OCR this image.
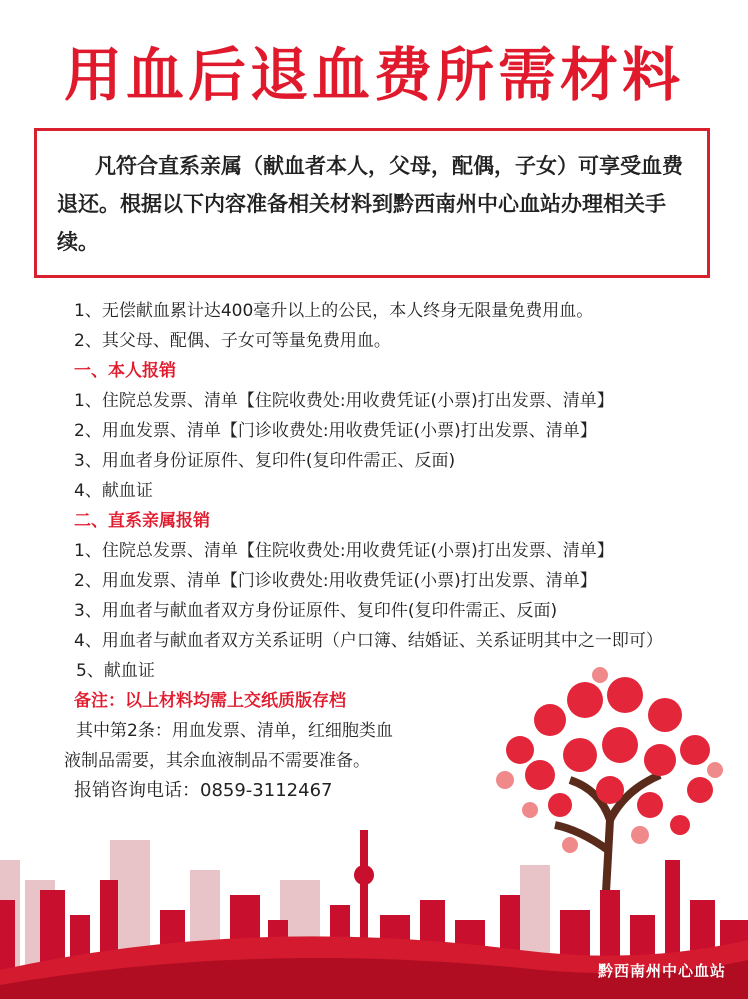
用血后退血费所需材料
凡符合直系亲属（献血者本人，父母，配偶，子女）可享受血费退还。根据以下内容准备相关材料到黔西南州中心血站办理相关手续。
1、无偿献血累计达400毫升以上的公民，本人终身无限量免费用血。
2、其父母、配偶、子女可等量免费用血。
一、本人报销
1、住院总发票、清单【住院收费处:用收费凭证(小票)打出发票、清单】
2、用血发票、清单【门诊收费处:用收费凭证(小票)打出发票、清单】
3、用血者身份证原件、复印件(复印件需正、反面)
4、献血证
二、直系亲属报销
1、住院总发票、清单【住院收费处:用收费凭证(小票)打出发票、清单】
2、用血发票、清单【门诊收费处:用收费凭证(小票)打出发票、清单】
3、用血者与献血者双方身份证原件、复印件(复印件需正、反面)
4、用血者与献血者双方关系证明（户口簿、结婚证、关系证明其中之一即可）
5、献血证
备注：以上材料均需上交纸质版存档
其中第2条：用血发票、清单，红细胞类血
液制品需要，其余血液制品不需要准备。
报销咨询电话：0859-3112467
黔西南州中心血站
